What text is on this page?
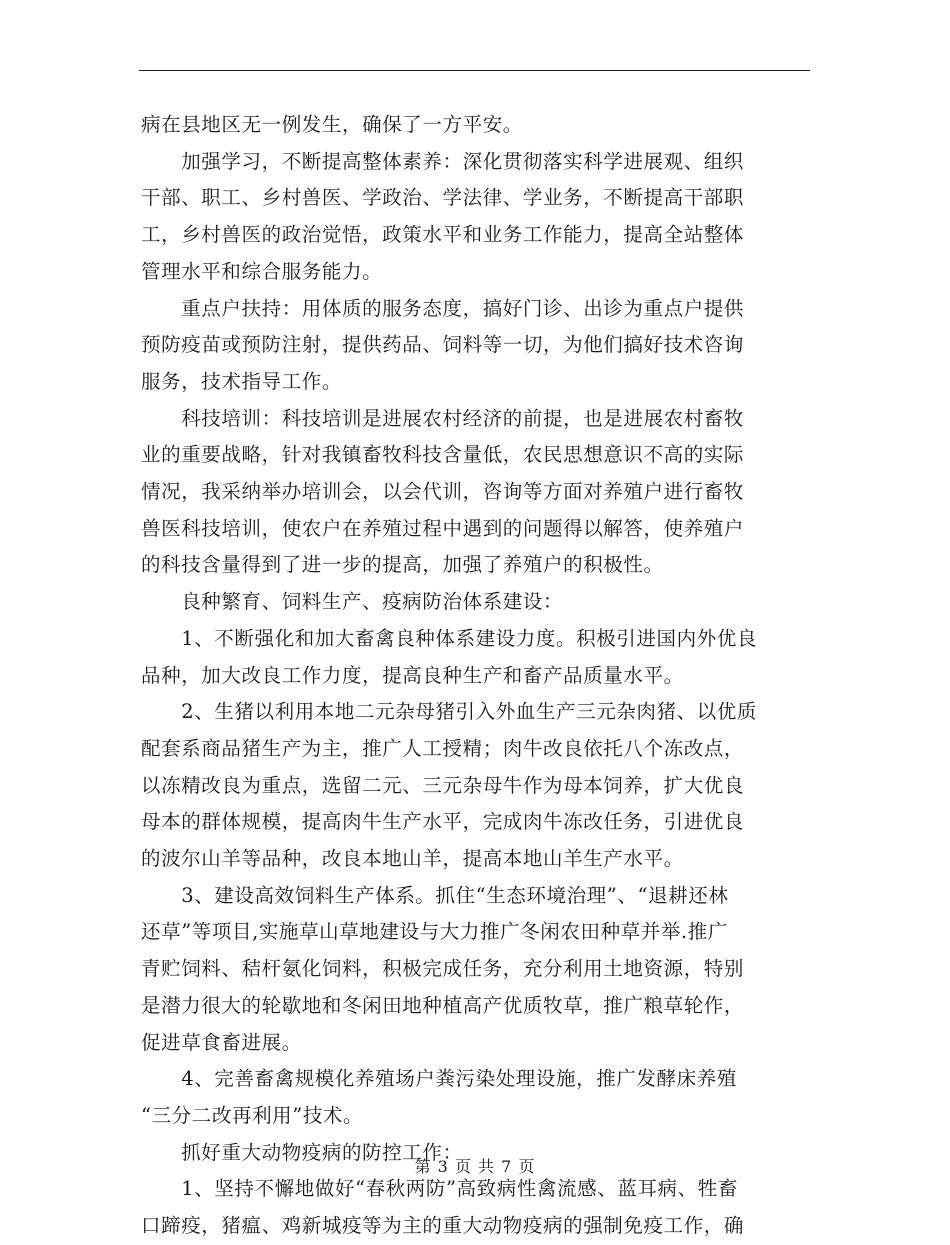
病在县地区无一例发生，确保了一方平安。

　　加强学习，不断提高整体素养：深化贯彻落实科学进展观、组织

干部、职工、乡村兽医、学政治、学法律、学业务，不断提高干部职

工，乡村兽医的政治觉悟，政策水平和业务工作能力，提高全站整体

管理水平和综合服务能力。

　　重点户扶持：用体质的服务态度，搞好门诊、出诊为重点户提供

预防疫苗或预防注射，提供药品、饲料等一切，为他们搞好技术咨询

服务，技术指导工作。

　　科技培训：科技培训是进展农村经济的前提，也是进展农村畜牧

业的重要战略，针对我镇畜牧科技含量低，农民思想意识不高的实际

情况，我采纳举办培训会，以会代训，咨询等方面对养殖户进行畜牧

兽医科技培训，使农户在养殖过程中遇到的问题得以解答，使养殖户

的科技含量得到了进一步的提高，加强了养殖户的积极性。

　　良种繁育、饲料生产、疫病防治体系建设：

　　1、不断强化和加大畜禽良种体系建设力度。积极引进国内外优良

品种，加大改良工作力度，提高良种生产和畜产品质量水平。

　　2、生猪以利用本地二元杂母猪引入外血生产三元杂肉猪、以优质

配套系商品猪生产为主，推广人工授精；肉牛改良依托八个冻改点，

以冻精改良为重点，选留二元、三元杂母牛作为母本饲养，扩大优良

母本的群体规模，提高肉牛生产水平，完成肉牛冻改任务，引进优良

的波尔山羊等品种，改良本地山羊，提高本地山羊生产水平。

　　3、建设高效饲料生产体系。抓住“生态环境治理”、“退耕还林

还草”等项目,实施草山草地建设与大力推广冬闲农田种草并举.推广

青贮饲料、秸杆氨化饲料，积极完成任务，充分利用土地资源，特别

是潜力很大的轮歇地和冬闲田地种植高产优质牧草，推广粮草轮作，

促进草食畜进展。

　　4、完善畜禽规模化养殖场户粪污染处理设施，推广发酵床养殖

“三分二改再利用”技术。

　　抓好重大动物疫病的防控工作：

　　1、坚持不懈地做好“春秋两防”高致病性禽流感、蓝耳病、牲畜

口蹄疫，猪瘟、鸡新城疫等为主的重大动物疫病的强制免疫工作，确

第 3 页 共 7 页
